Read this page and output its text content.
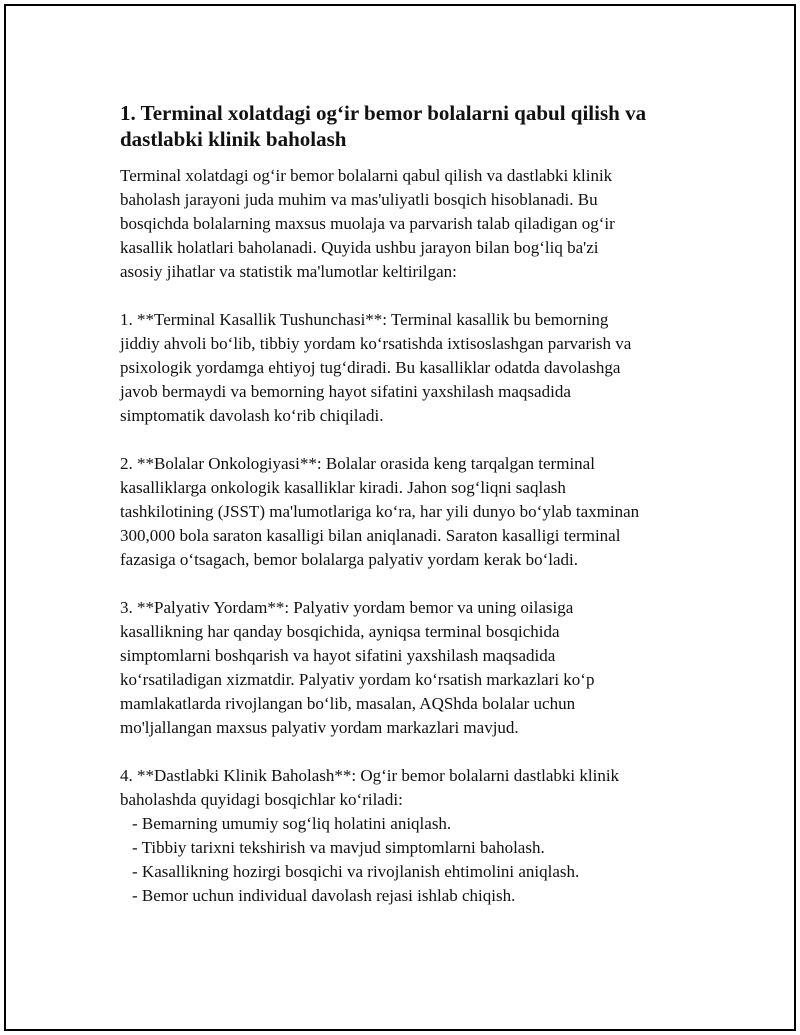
1. Terminal xolatdagi og‘ir bemor bolalarni qabul qilish va
dastlabki klinik baholash

Terminal xolatdagi og‘ir bemor bolalarni qabul qilish va dastlabki klinik
baholash jarayoni juda muhim va mas'uliyatli bosqich hisoblanadi. Bu
bosqichda bolalarning maxsus muolaja va parvarish talab qiladigan og‘ir
kasallik holatlari baholanadi. Quyida ushbu jarayon bilan bog‘liq ba'zi
asosiy jihatlar va statistik ma'lumotlar keltirilgan:

1. **Terminal Kasallik Tushunchasi**: Terminal kasallik bu bemorning
jiddiy ahvoli bo‘lib, tibbiy yordam ko‘rsatishda ixtisoslashgan parvarish va
psixologik yordamga ehtiyoj tug‘diradi. Bu kasalliklar odatda davolashga
javob bermaydi va bemorning hayot sifatini yaxshilash maqsadida
simptomatik davolash ko‘rib chiqiladi.

2. **Bolalar Onkologiyasi**: Bolalar orasida keng tarqalgan terminal
kasalliklarga onkologik kasalliklar kiradi. Jahon sog‘liqni saqlash
tashkilotining (JSST) ma'lumotlariga ko‘ra, har yili dunyo bo‘ylab taxminan
300,000 bola saraton kasalligi bilan aniqlanadi. Saraton kasalligi terminal
fazasiga o‘tsagach, bemor bolalarga palyativ yordam kerak bo‘ladi.

3. **Palyativ Yordam**: Palyativ yordam bemor va uning oilasiga
kasallikning har qanday bosqichida, ayniqsa terminal bosqichida
simptomlarni boshqarish va hayot sifatini yaxshilash maqsadida
ko‘rsatiladigan xizmatdir. Palyativ yordam ko‘rsatish markazlari ko‘p
mamlakatlarda rivojlangan bo‘lib, masalan, AQShda bolalar uchun
mo'ljallangan maxsus palyativ yordam markazlari mavjud.

4. **Dastlabki Klinik Baholash**: Og‘ir bemor bolalarni dastlabki klinik
baholashda quyidagi bosqichlar ko‘riladi:

- Bemarning umumiy sog‘liq holatini aniqlash.
- Tibbiy tarixni tekshirish va mavjud simptomlarni baholash.
- Kasallikning hozirgi bosqichi va rivojlanish ehtimolini aniqlash.
- Bemor uchun individual davolash rejasi ishlab chiqish.
